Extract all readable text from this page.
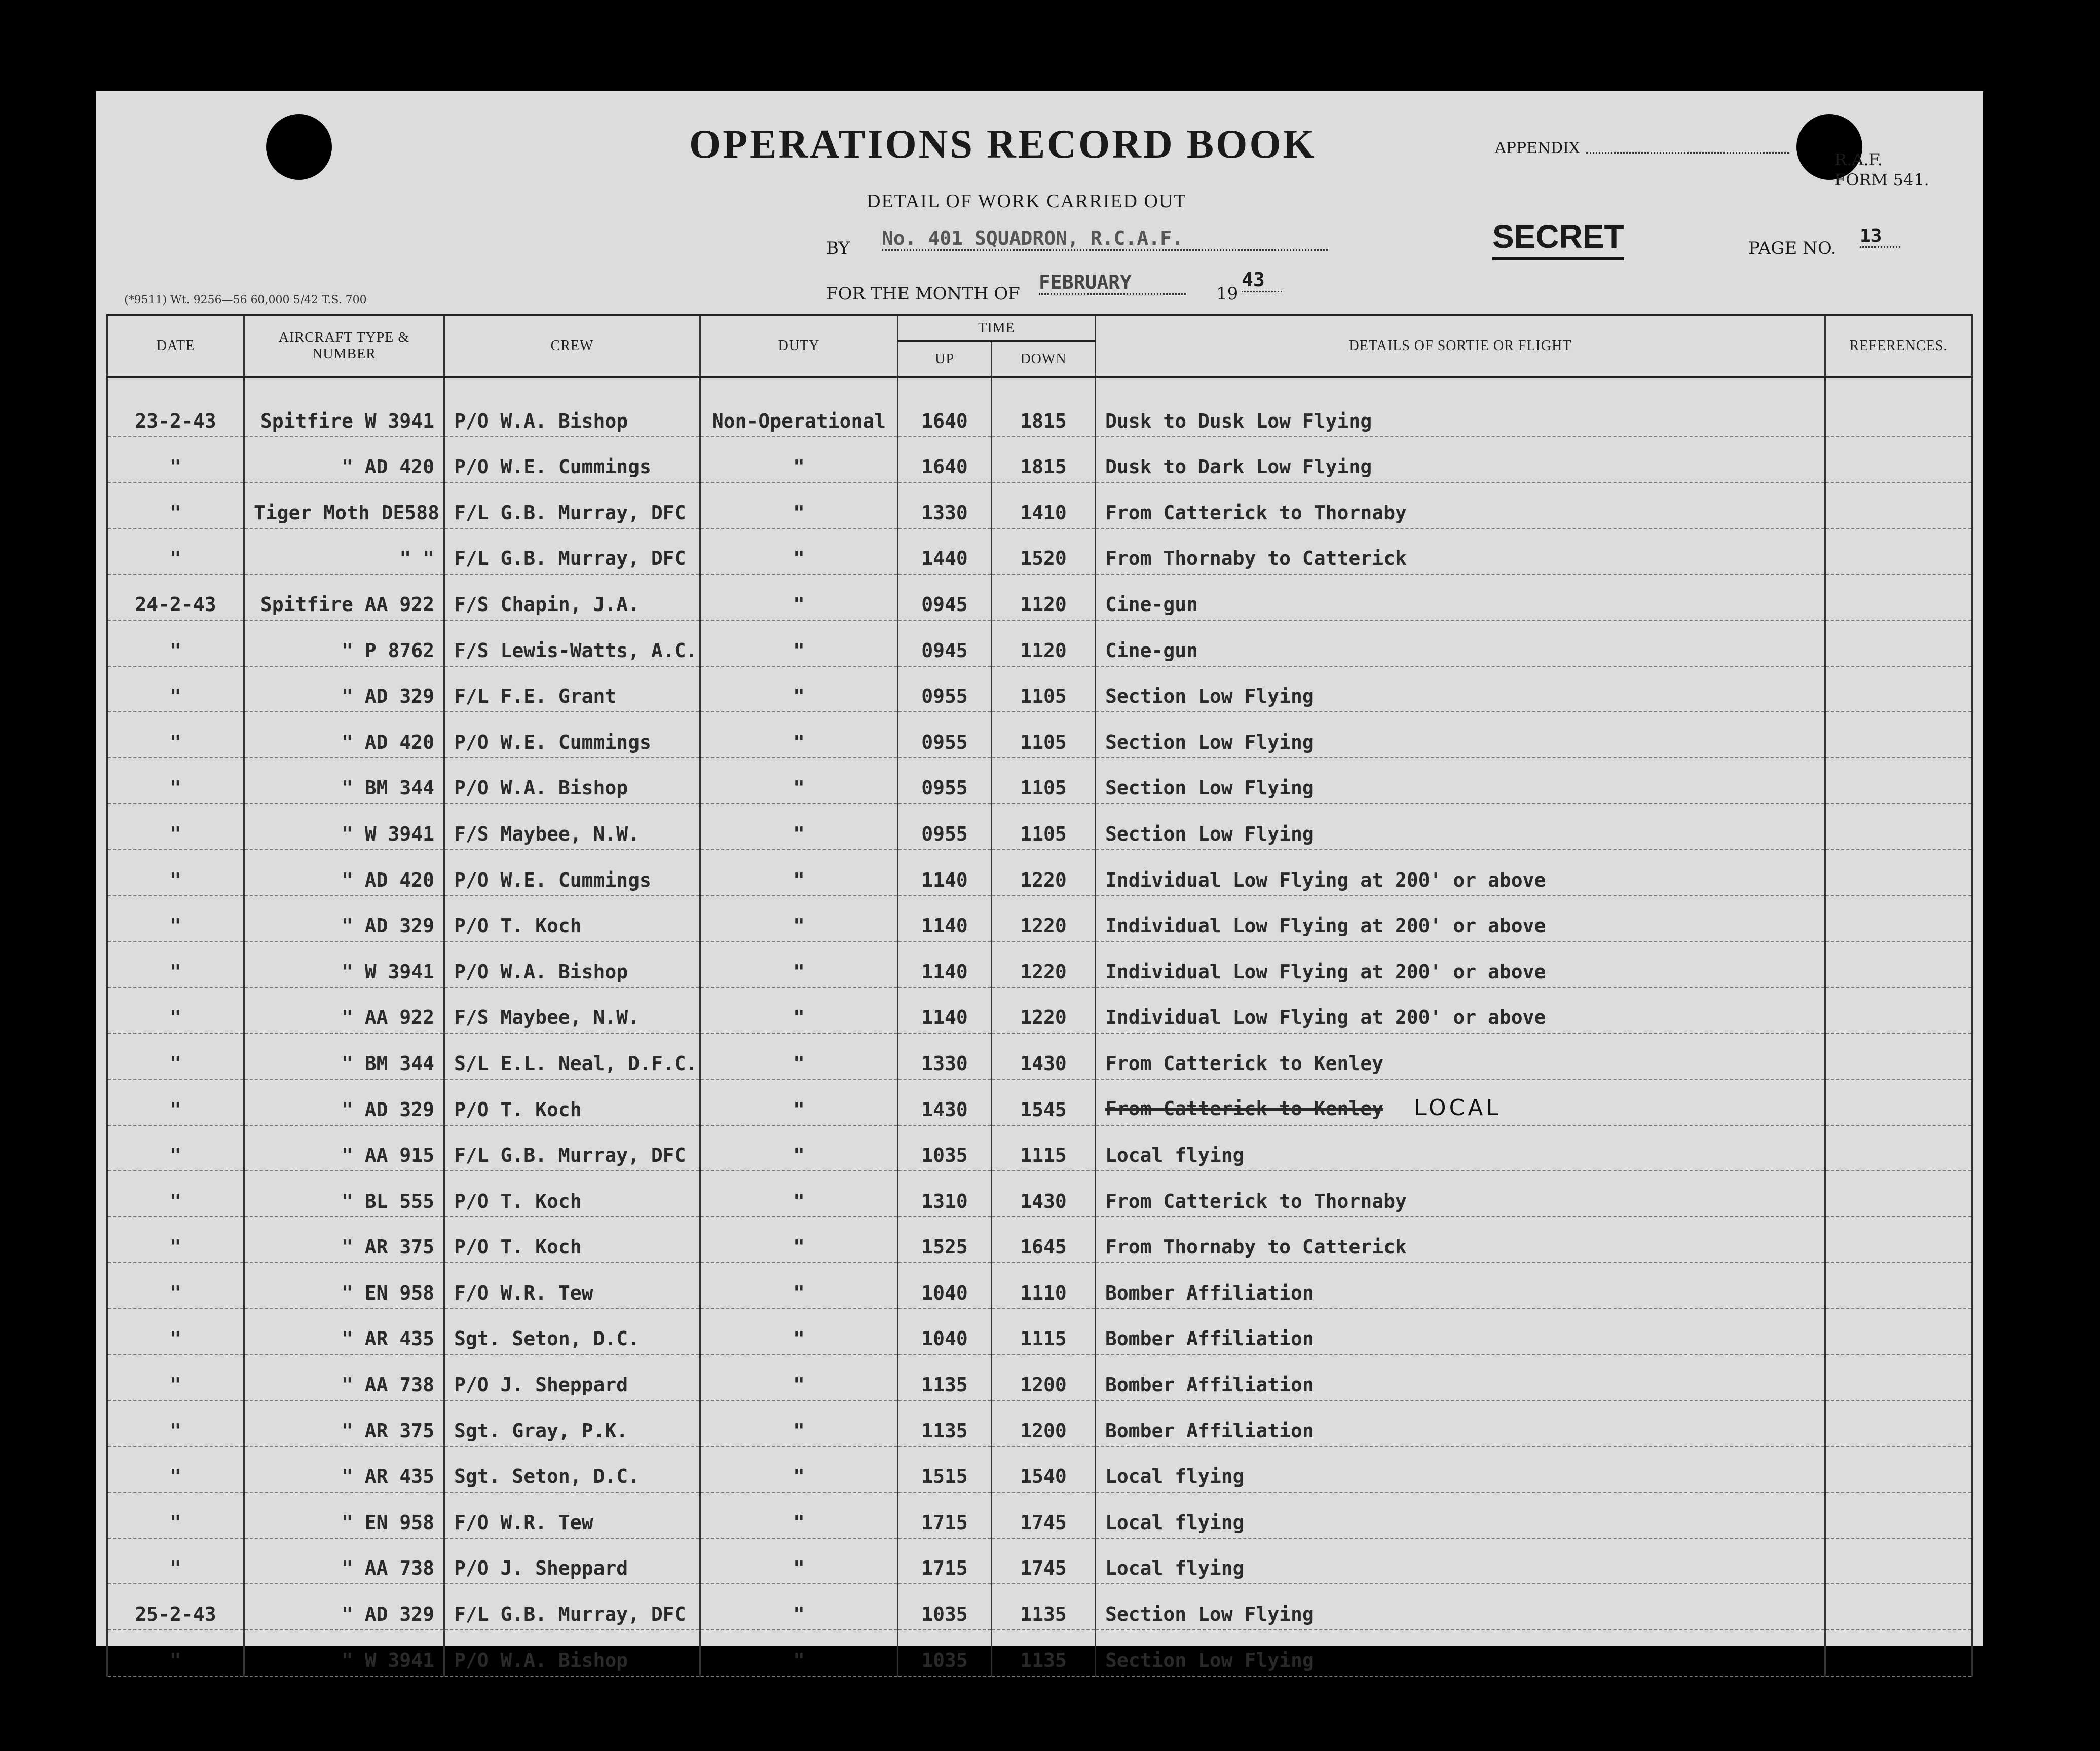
OPERATIONS RECORD BOOK
DETAIL OF WORK CARRIED OUT
APPENDIX
R.A.F.
FORM 541.
BY No. 401 SQUADRON, R.C.A.F.	SECRET	PAGE NO.
13
(*9511) Wt. 9256—56 60,000 5/42 T.S. 700	FOR THE MONTH OF
FEBRUARY
19
43
DATE	AIRCRAFT TYPE & NUMBER	CREW	DUTY	TIME		DETAILS OF SORTIE OR FLIGHT	REFERENCES.
				UP	DOWN		
23-2-43	Spitfire W 3941	P/O W.A. Bishop	Non-Operational	1640	1815	Dusk to Dusk Low Flying	
"	" AD 420	P/O W.E. Cummings	"	1640	1815	Dusk to Dark Low Flying	
"	Tiger Moth DE588	F/L G.B. Murray, DFC	"	1330	1410	From Catterick to Thornaby	
"	" "	F/L G.B. Murray, DFC	"	1440	1520	From Thornaby to Catterick	
24-2-43	Spitfire AA 922	F/S Chapin, J.A.	"	0945	1120	Cine-gun	
"	" P 8762	F/S Lewis-Watts, A.C.	"	0945	1120	Cine-gun	
"	" AD 329	F/L F.E. Grant	"	0955	1105	Section Low Flying	
"	" AD 420	P/O W.E. Cummings	"	0955	1105	Section Low Flying	
"	" BM 344	P/O W.A. Bishop	"	0955	1105	Section Low Flying	
"	" W 3941	F/S Maybee, N.W.	"	0955	1105	Section Low Flying	
"	" AD 420	P/O W.E. Cummings	"	1140	1220	Individual Low Flying at 200' or above	
"	" AD 329	P/O T. Koch	"	1140	1220	Individual Low Flying at 200' or above	
"	" W 3941	P/O W.A. Bishop	"	1140	1220	Individual Low Flying at 200' or above	
"	" AA 922	F/S Maybee, N.W.	"	1140	1220	Individual Low Flying at 200' or above	
"	" BM 344	S/L E.L. Neal, D.F.C.	"	1330	1430	From Catterick to Kenley	
"	" AD 329	P/O T. Koch	"	1430	1545	From Catterick to Kenley LOCAL	
"	" AA 915	F/L G.B. Murray, DFC	"	1035	1115	Local flying	
"	" BL 555	P/O T. Koch	"	1310	1430	From Catterick to Thornaby	
"	" AR 375	P/O T. Koch	"	1525	1645	From Thornaby to Catterick	
"	" EN 958	F/O W.R. Tew	"	1040	1110	Bomber Affiliation	
"	" AR 435	Sgt. Seton, D.C.	"	1040	1115	Bomber Affiliation	
"	" AA 738	P/O J. Sheppard	"	1135	1200	Bomber Affiliation	
"	" AR 375	Sgt. Gray, P.K.	"	1135	1200	Bomber Affiliation	
"	" AR 435	Sgt. Seton, D.C.	"	1515	1540	Local flying	
"	" EN 958	F/O W.R. Tew	"	1715	1745	Local flying	
"	" AA 738	P/O J. Sheppard	"	1715	1745	Local flying	
25-2-43	" AD 329	F/L G.B. Murray, DFC	"	1035	1135	Section Low Flying	
"	" W 3941	P/O W.A. Bishop	"	1035	1135	Section Low Flying	
